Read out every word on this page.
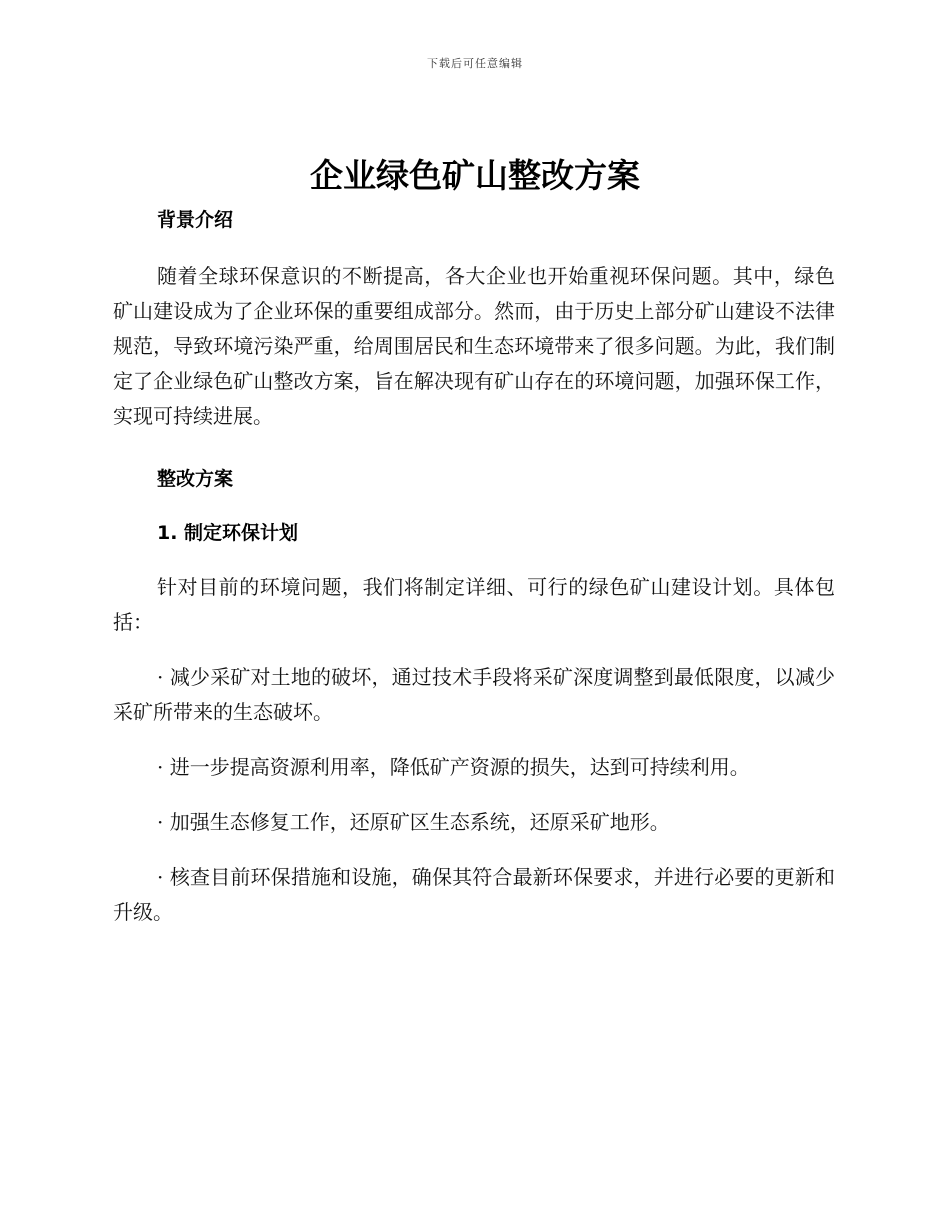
下载后可任意编辑
企业绿色矿山整改方案
背景介绍

随着全球环保意识的不断提高，各大企业也开始重视环保问题。其中，绿色矿山建设成为了企业环保的重要组成部分。然而，由于历史上部分矿山建设不法律规范，导致环境污染严重，给周围居民和生态环境带来了很多问题。为此，我们制定了企业绿色矿山整改方案，旨在解决现有矿山存在的环境问题，加强环保工作，实现可持续进展。

整改方案
1. 制定环保计划

针对目前的环境问题，我们将制定详细、可行的绿色矿山建设计划。具体包括：

· 减少采矿对土地的破坏，通过技术手段将采矿深度调整到最低限度，以减少采矿所带来的生态破坏。

· 进一步提高资源利用率，降低矿产资源的损失，达到可持续利用。

· 加强生态修复工作，还原矿区生态系统，还原采矿地形。

· 核查目前环保措施和设施，确保其符合最新环保要求，并进行必要的更新和升级。
